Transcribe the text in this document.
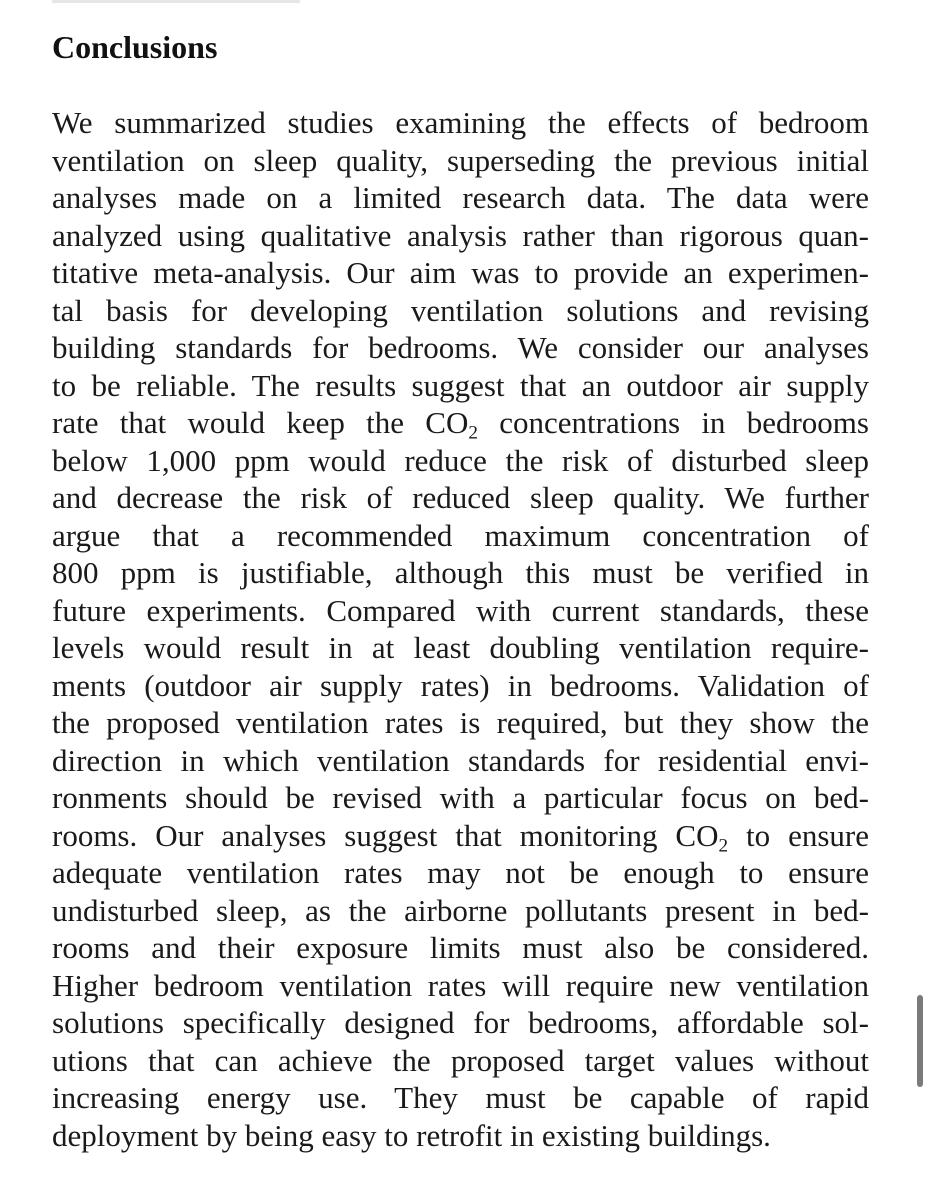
Conclusions
We summarized studies examining the effects of bedroom
ventilation on sleep quality, superseding the previous initial
analyses made on a limited research data. The data were
analyzed using qualitative analysis rather than rigorous quan-
titative meta-analysis. Our aim was to provide an experimen-
tal basis for developing ventilation solutions and revising
building standards for bedrooms. We consider our analyses
to be reliable. The results suggest that an outdoor air supply
rate that would keep the $CO_2$ concentrations in bedrooms
below 1,000 ppm would reduce the risk of disturbed sleep
and decrease the risk of reduced sleep quality. We further
argue that a recommended maximum concentration of
800 ppm is justifiable, although this must be verified in
future experiments. Compared with current standards, these
levels would result in at least doubling ventilation require-
ments (outdoor air supply rates) in bedrooms. Validation of
the proposed ventilation rates is required, but they show the
direction in which ventilation standards for residential envi-
ronments should be revised with a particular focus on bed-
rooms. Our analyses suggest that monitoring $CO_2$ to ensure
adequate ventilation rates may not be enough to ensure
undisturbed sleep, as the airborne pollutants present in bed-
rooms and their exposure limits must also be considered.
Higher bedroom ventilation rates will require new ventilation
solutions specifically designed for bedrooms, affordable sol-
utions that can achieve the proposed target values without
increasing energy use. They must be capable of rapid
deployment by being easy to retrofit in existing buildings.
